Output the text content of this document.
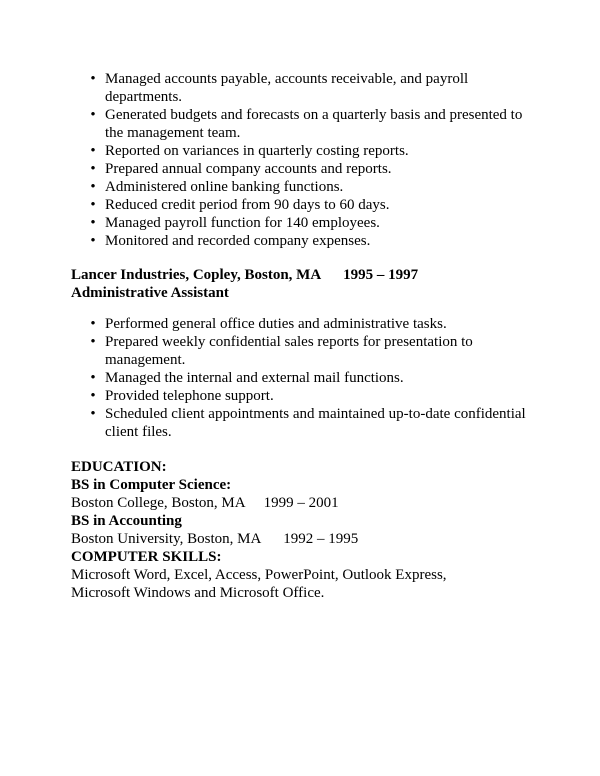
• Managed accounts payable, accounts receivable, and payroll departments.
• Generated budgets and forecasts on a quarterly basis and presented to the management team.
• Reported on variances in quarterly costing reports.
• Prepared annual company accounts and reports.
• Administered online banking functions.
• Reduced credit period from 90 days to 60 days.
• Managed payroll function for 140 employees.
• Monitored and recorded company expenses.
Lancer Industries, Copley, Boston, MA 1995 – 1997
Administrative Assistant
• Performed general office duties and administrative tasks.
• Prepared weekly confidential sales reports for presentation to management.
• Managed the internal and external mail functions.
• Provided telephone support.
• Scheduled client appointments and maintained up-to-date confidential client files.
EDUCATION:
BS in Computer Science:
Boston College, Boston, MA 1999 – 2001
BS in Accounting
Boston University, Boston, MA 1992 – 1995
COMPUTER SKILLS:
Microsoft Word, Excel, Access, PowerPoint, Outlook Express, Microsoft Windows and Microsoft Office.
